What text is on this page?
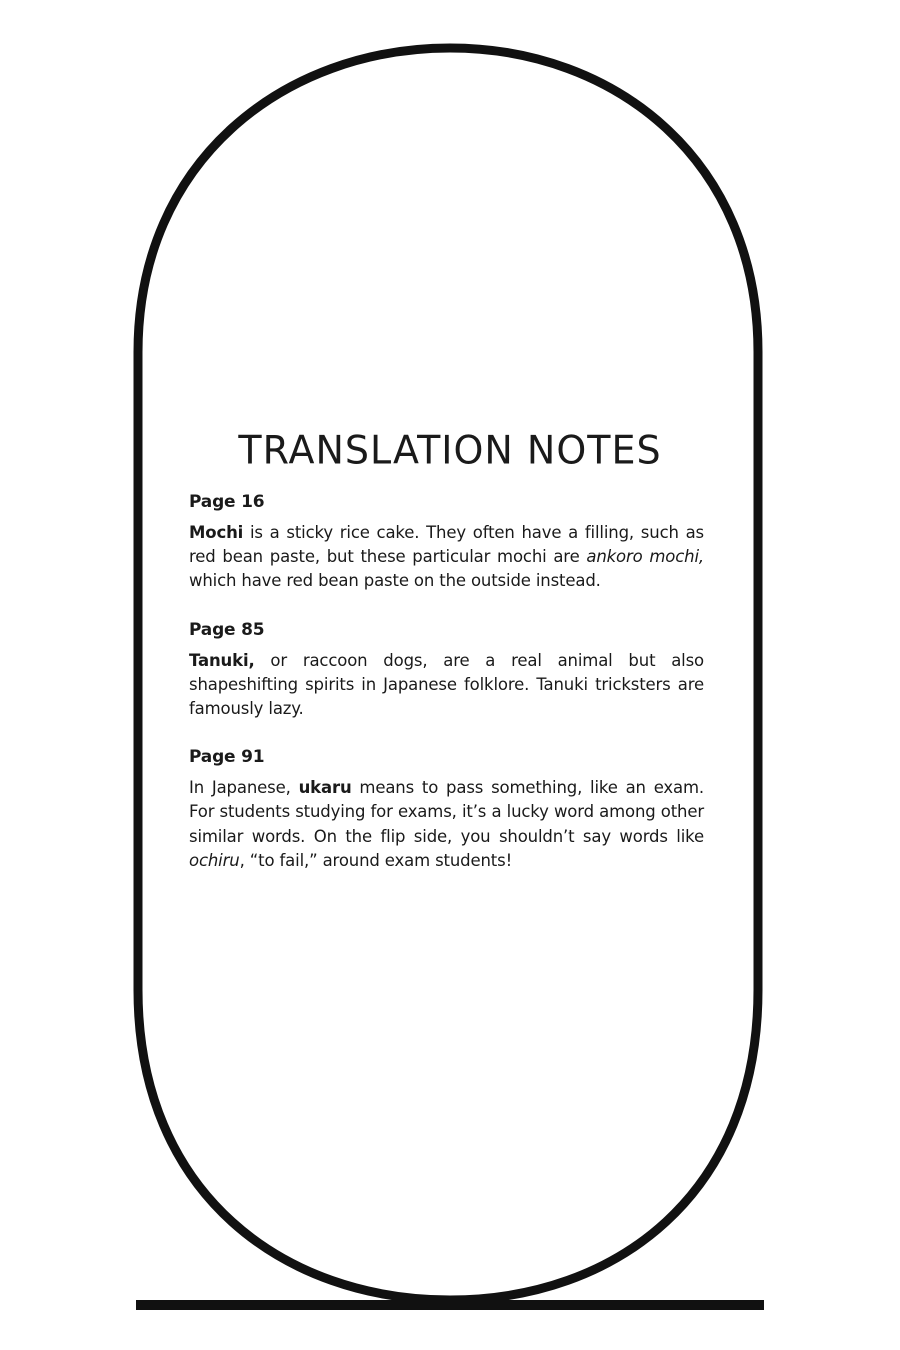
TRANSLATION NOTES
Page 16

Mochi is a sticky rice cake. They often have a filling, such as red bean paste, but these particular mochi are ankoro mochi, which have red bean paste on the outside instead.

Page 85

Tanuki, or raccoon dogs, are a real animal but also shapeshifting spirits in Japanese folklore. Tanuki tricksters are famously lazy.

Page 91

In Japanese, ukaru means to pass something, like an exam. For students studying for exams, it’s a lucky word among other similar words. On the flip side, you shouldn’t say words like ochiru, “to fail,” around exam students!
